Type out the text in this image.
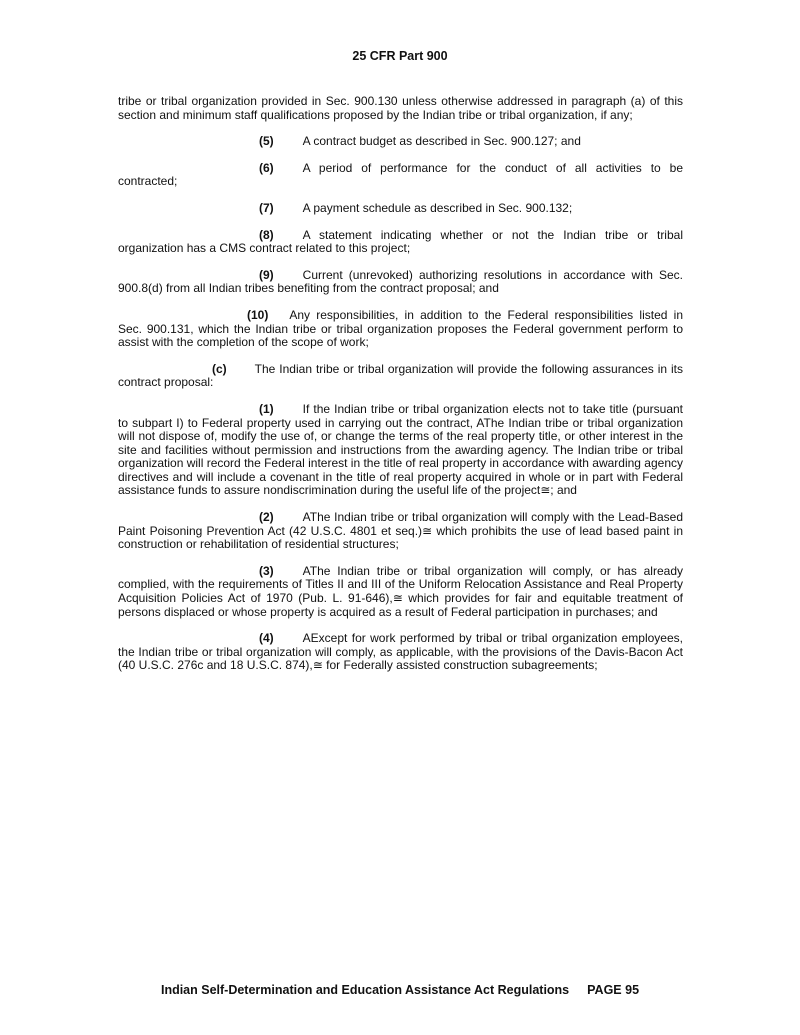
25 CFR Part 900

tribe or tribal organization provided in Sec. 900.130 unless otherwise addressed in paragraph (a) of this section and minimum staff qualifications proposed by the Indian tribe or tribal organization, if any;

(5) A contract budget as described in Sec. 900.127; and

(6) A period of performance for the conduct of all activities to be contracted;

(7) A payment schedule as described in Sec. 900.132;

(8) A statement indicating whether or not the Indian tribe or tribal organization has a CMS contract related to this project;

(9) Current (unrevoked) authorizing resolutions in accordance with Sec. 900.8(d) from all Indian tribes benefiting from the contract proposal; and

(10) Any responsibilities, in addition to the Federal responsibilities listed in Sec. 900.131, which the Indian tribe or tribal organization proposes the Federal government perform to assist with the completion of the scope of work;

(c) The Indian tribe or tribal organization will provide the following assurances in its contract proposal:

(1) If the Indian tribe or tribal organization elects not to take title (pursuant to subpart I) to Federal property used in carrying out the contract, AThe Indian tribe or tribal organization will not dispose of, modify the use of, or change the terms of the real property title, or other interest in the site and facilities without permission and instructions from the awarding agency. The Indian tribe or tribal organization will record the Federal interest in the title of real property in accordance with awarding agency directives and will include a covenant in the title of real property acquired in whole or in part with Federal assistance funds to assure nondiscrimination during the useful life of the project≅; and

(2) AThe Indian tribe or tribal organization will comply with the Lead-Based Paint Poisoning Prevention Act (42 U.S.C. 4801 et seq.)≅ which prohibits the use of lead based paint in construction or rehabilitation of residential structures;

(3) AThe Indian tribe or tribal organization will comply, or has already complied, with the requirements of Titles II and III of the Uniform Relocation Assistance and Real Property Acquisition Policies Act of 1970 (Pub. L. 91-646),≅ which provides for fair and equitable treatment of persons displaced or whose property is acquired as a result of Federal participation in purchases; and

(4) AExcept for work performed by tribal or tribal organization employees, the Indian tribe or tribal organization will comply, as applicable, with the provisions of the Davis-Bacon Act (40 U.S.C. 276c and 18 U.S.C. 874),≅ for Federally assisted construction subagreements;

Indian Self-Determination and Education Assistance Act Regulations PAGE 95
